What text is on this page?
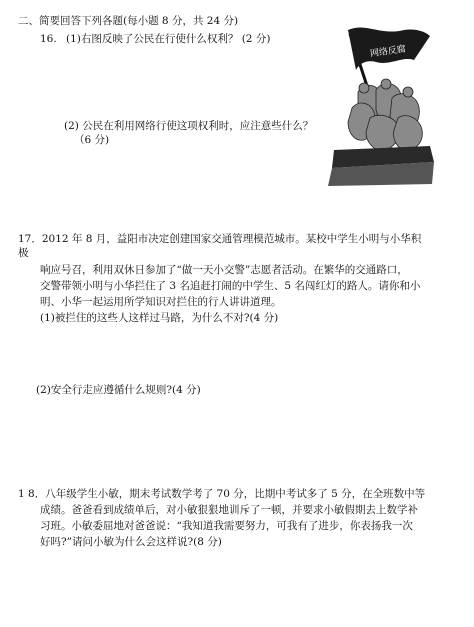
二、简要回答下列各题(每小题 8 分，共 24 分)
16. (1)右图反映了公民在行使什么权利？ (2 分)
(2) 公民在利用网络行使这项权利时，应注意些什么？
（6 分)
网络反腐
17．2012 年 8 月，益阳市决定创建国家交通管理模范城市。某校中学生小明与小华积
极
响应号召，利用双休日参加了“做一天小交警”志愿者活动。在繁华的交通路口，
交警带领小明与小华拦住了 3 名追赶打闹的中学生、5 名闯红灯的路人。请你和小
明、小华一起运用所学知识对拦住的行人讲讲道理。
(1)被拦住的这些人这样过马路，为什么不对?(4 分)
(2)安全行走应遵循什么规则?(4 分)
1 8．八年级学生小敏，期末考试数学考了 70 分，比期中考试多了 5 分，在全班数中等
成绩。爸爸看到成绩单后，对小敏狠狠地训斥了一顿，并要求小敏假期去上数学补
习班。小敏委屈地对爸爸说：“我知道我需要努力，可我有了进步，你表扬我一次
好吗?”请问小敏为什么会这样说?(8 分)
